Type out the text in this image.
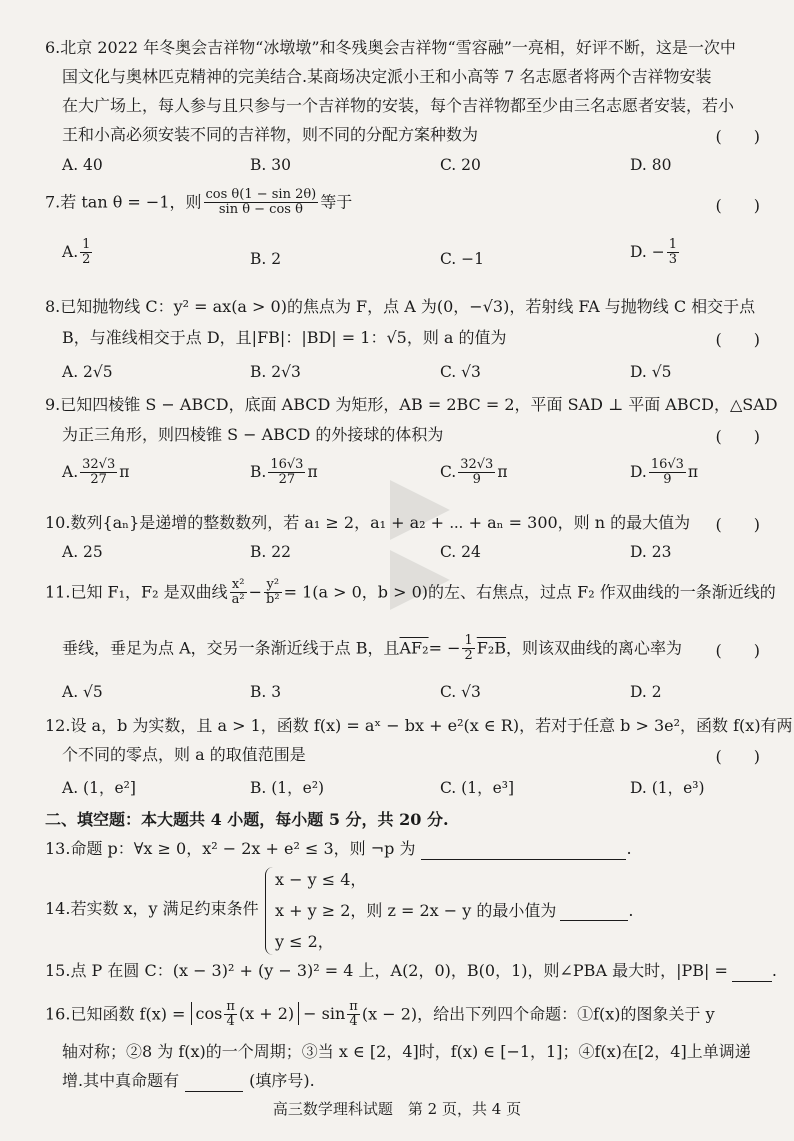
6.北京 2022 年冬奥会吉祥物“冰墩墩”和冬残奥会吉祥物“雪容融”一亮相，好评不断，这是一次中
国文化与奥林匹克精神的完美结合.某商场决定派小王和小高等 7 名志愿者将两个吉祥物安装
在大广场上，每人参与且只参与一个吉祥物的安装，每个吉祥物都至少由三名志愿者安装，若小
王和小高必须安装不同的吉祥物，则不同的分配方案种数为	(　　)
A. 40	B. 30	C. 20	D. 80
7.若 tan θ = −1，则 $\frac{\text{cos θ(1 − sin 2θ)}}{\text{sin θ − cos θ}}$ 等于	(　　)
A. $\frac{1}{2}$	B. 2	C. −1	D. − $\frac{1}{3}$
8.已知抛物线 C：y² = ax(a > 0)的焦点为 F，点 A 为(0，−√3)，若射线 FA 与抛物线 C 相交于点
B，与准线相交于点 D，且|FB|：|BD| = 1：√5，则 a 的值为	(　　)
A. 2√5	B. 2√3	C. √3	D. √5
9.已知四棱锥 S − ABCD，底面 ABCD 为矩形，AB = 2BC = 2，平面 SAD ⊥ 平面 ABCD，△SAD
为正三角形，则四棱锥 S − ABCD 的外接球的体积为	(　　)
A. $\frac{32√3}{27}$ π	B. $\frac{16√3}{27}$ π	C. $\frac{32√3}{9}$ π	D. $\frac{16√3}{9}$ π
10.数列{aₙ}是递增的整数数列，若 a₁ ≥ 2，a₁ + a₂ + ⋯ + aₙ = 300，则 n 的最大值为	(　　)
A. 25	B. 22	C. 24	D. 23
11.已知 F₁，F₂ 是双曲线 $\frac{\text{x²}}{\text{a²}} - \frac{\text{y²}}{\text{b²}} = 1(a > 0$，b > 0)的左、右焦点，过点 F₂ 作双曲线的一条渐近线的
垂线，垂足为点 A，交另一条渐近线于点 B，且$AF_2= - \frac{1}{2} F_2B$，则该双曲线的离心率为	(　　)
A. √5	B. 3	C. √3	D. 2
12.设 a，b 为实数，且 a > 1，函数 f(x) = aˣ − bx + e²(x ∈ R)，若对于任意 b > 3e²，函数 f(x)有两
个不同的零点，则 a 的取值范围是	(　　)
A. (1，e²]	B. (1，e²)	C. (1，e³]	D. (1，e³)
二、填空题：本大题共 4 小题，每小题 5 分，共 20 分.
13.命题 p：∀x ≥ 0，x² − 2x + e² ≤ 3，则 ¬p 为	.
14.若实数 x，y 满足约束条件
x − y ≤ 4，
x + y ≥ 2，则 z = 2x − y 的最小值为	.
y ≤ 2，
15.点 P 在圆 C：(x − 3)² + (y − 3)² = 4 上，A(2，0)，B(0，1)，则∠PBA 最大时，|PB| =	.
16.已知函数 $f(x) = \cos \frac{\pi}{4} (x + 2) - \sin \frac{\pi}{4} (x - 2)$，给出下列四个命题：①f(x)的图象关于 y
轴对称；②8 为 f(x)的一个周期；③当 x ∈ [2，4]时，f(x) ∈ [−1，1]；④f(x)在[2，4]上单调递
增.其中真命题有	(填序号).
高三数学理科试题　第 2 页，共 4 页
